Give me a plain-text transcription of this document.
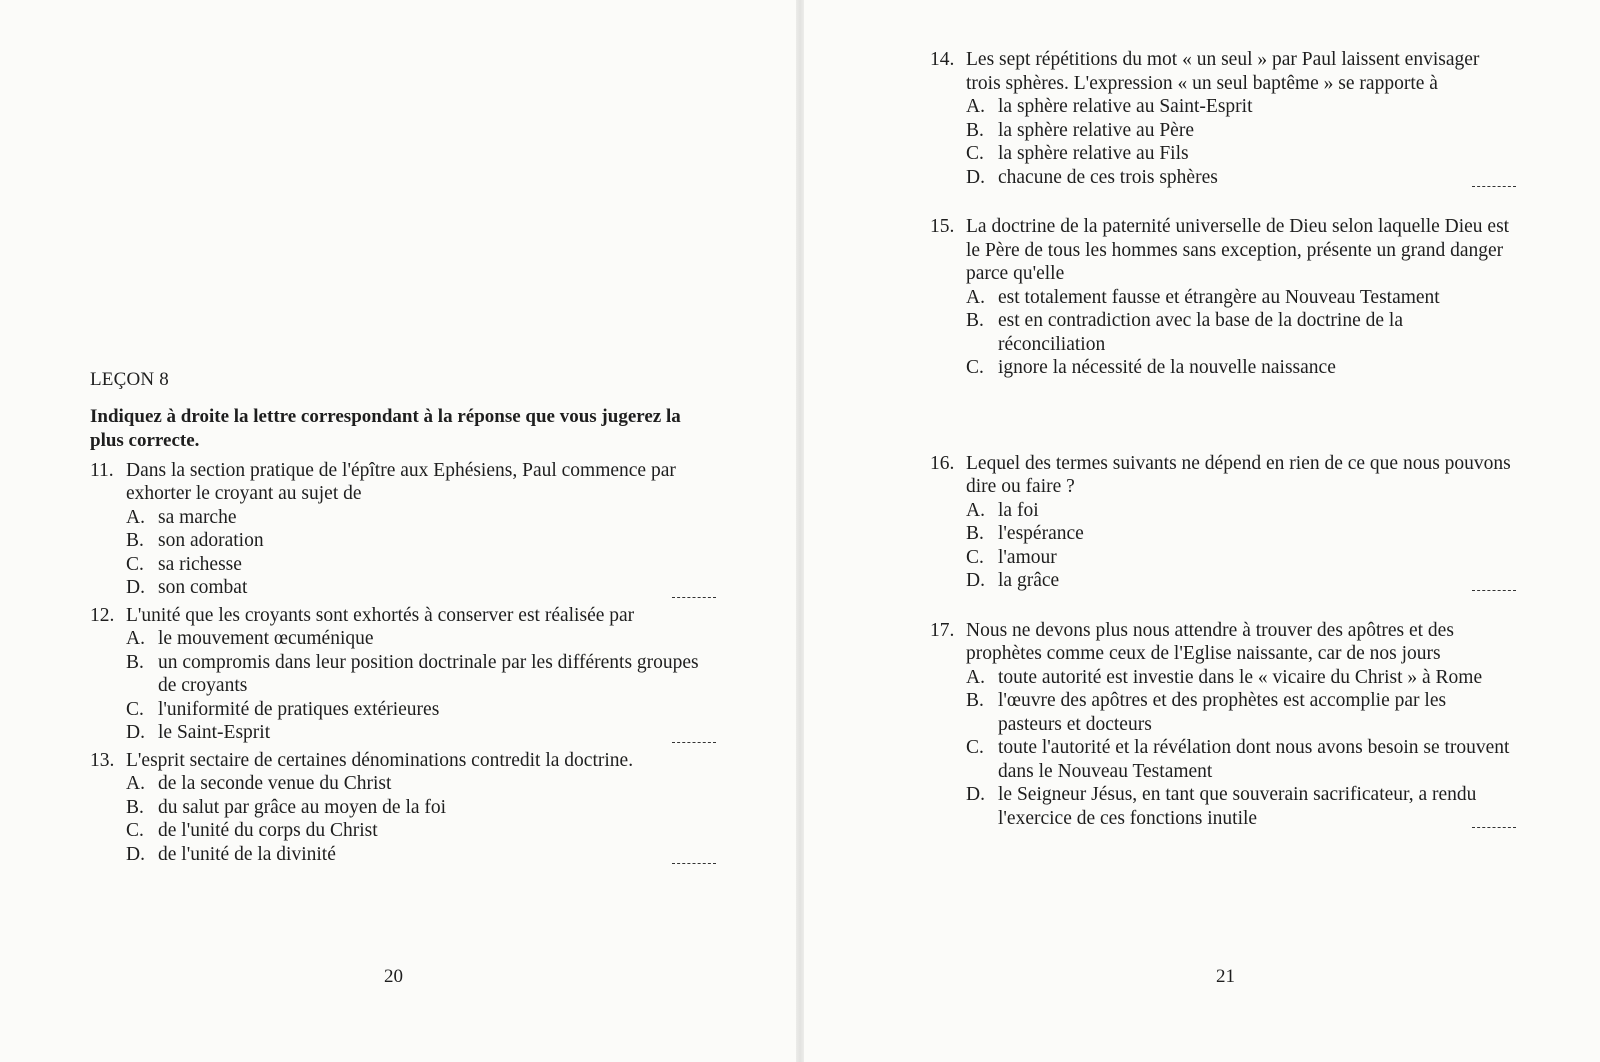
LEÇON 8
Indiquez à droite la lettre correspondant à la réponse que vous jugerez la plus correcte.
11. Dans la section pratique de l'épître aux Ephésiens, Paul commence par exhorter le croyant au sujet de
A. sa marche
B. son adoration
C. sa richesse
D. son combat
12. L'unité que les croyants sont exhortés à conserver est réalisée par
A. le mouvement œcuménique
B. un compromis dans leur position doctrinale par les différents groupes de croyants
C. l'uniformité de pratiques extérieures
D. le Saint-Esprit
13. L'esprit sectaire de certaines dénominations contredit la doctrine.
A. de la seconde venue du Christ
B. du salut par grâce au moyen de la foi
C. de l'unité du corps du Christ
D. de l'unité de la divinité
20
14. Les sept répétitions du mot « un seul » par Paul laissent envisager trois sphères. L'expression « un seul baptême » se rapporte à
A. la sphère relative au Saint-Esprit
B. la sphère relative au Père
C. la sphère relative au Fils
D. chacune de ces trois sphères
15. La doctrine de la paternité universelle de Dieu selon laquelle Dieu est le Père de tous les hommes sans exception, présente un grand danger parce qu'elle
A. est totalement fausse et étrangère au Nouveau Testament
B. est en contradiction avec la base de la doctrine de la réconciliation
C. ignore la nécessité de la nouvelle naissance
16. Lequel des termes suivants ne dépend en rien de ce que nous pouvons dire ou faire ?
A. la foi
B. l'espérance
C. l'amour
D. la grâce
17. Nous ne devons plus nous attendre à trouver des apôtres et des prophètes comme ceux de l'Eglise naissante, car de nos jours
A. toute autorité est investie dans le « vicaire du Christ » à Rome
B. l'œuvre des apôtres et des prophètes est accomplie par les pasteurs et docteurs
C. toute l'autorité et la révélation dont nous avons besoin se trouvent dans le Nouveau Testament
D. le Seigneur Jésus, en tant que souverain sacrificateur, a rendu l'exercice de ces fonctions inutile
21
